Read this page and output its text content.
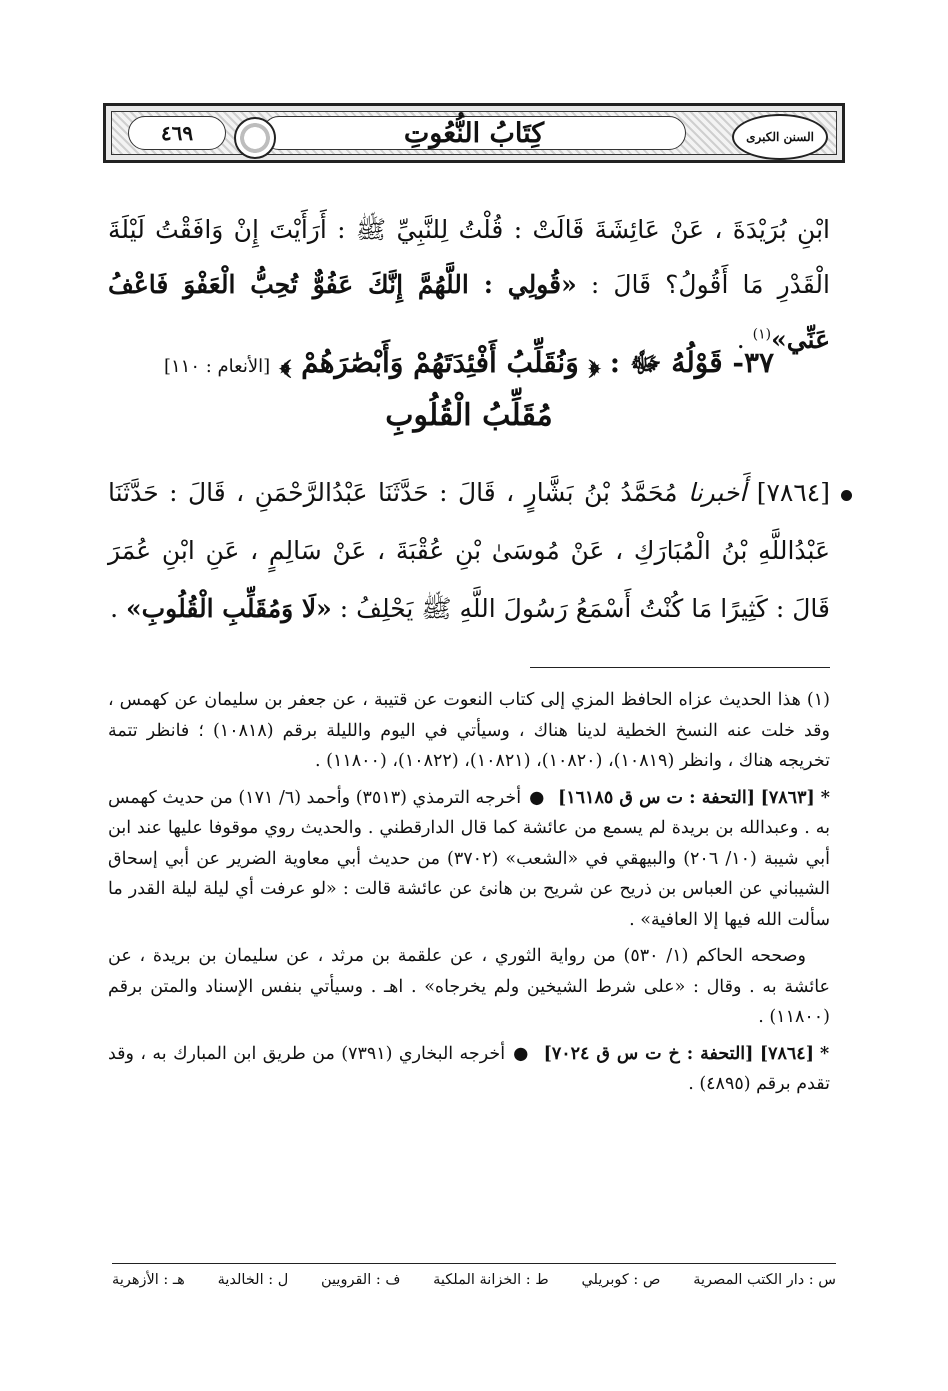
السنن الكبرى
كِتَابُ النُّعُوتِ
٤٦٩
ابْنِ بُرَيْدَةَ ، عَنْ عَائِشَةَ قَالَتْ : قُلْتُ لِلنَّبِيِّ ﷺ : أَرَأَيْتَ إِنْ وَافَقْتُ لَيْلَةَ الْقَدْرِ مَا أَقُولُ؟ قَالَ : «قُولِي : اللَّهُمَّ إِنَّكَ عَفُوٌّ تُحِبُّ الْعَفْوَ فَاعْفُ عَنِّي»$^{(١)}$ .
٣٧- قَوْلُهُ ﷻ : ﴿ وَنُقَلِّبُ أَفْئِدَتَهُمْ وَأَبْصَٰرَهُمْ ﴾ [الأنعام : ١١٠]
مُقَلِّبُ الْقُلُوبِ
[٧٨٦٤] أَخبرنا مُحَمَّدُ بْنُ بَشَّارٍ ، قَالَ : حَدَّثَنَا عَبْدُالرَّحْمَنِ ، قَالَ : حَدَّثَنَا عَبْدُاللَّهِ بْنُ الْمُبَارَكِ ، عَنْ مُوسَىٰ بْنِ عُقْبَةَ ، عَنْ سَالِمٍ ، عَنِ ابْنِ عُمَرَ قَالَ : كَثِيرًا مَا كُنْتُ أَسْمَعُ رَسُولَ اللَّهِ ﷺ يَحْلِفُ : «لَا وَمُقَلِّبِ الْقُلُوبِ» .

(١) هذا الحديث عزاه الحافظ المزي إلى كتاب النعوت عن قتيبة ، عن جعفر بن سليمان عن كهمس ، وقد خلت عنه النسخ الخطية لدينا هناك ، وسيأتي في اليوم والليلة برقم (١٠٨١٨) ؛ فانظر تتمة تخريجه هناك ، وانظر (١٠٨١٩)، (١٠٨٢٠)، (١٠٨٢١)، (١٠٨٢٢)، (١١٨٠٠) .

*[٧٨٦٣] [التحفة : ت س ق ١٦١٨٥] ●أخرجه الترمذي (٣٥١٣) وأحمد (٦/ ١٧١) من حديث كهمس به . وعبدالله بن بريدة لم يسمع من عائشة كما قال الدارقطني . والحديث روي موقوفا عليها عند ابن أبي شيبة (١٠/ ٢٠٦) والبيهقي في «الشعب» (٣٧٠٢) من حديث أبي معاوية الضرير عن أبي إسحاق الشيباني عن العباس بن ذريح عن شريح بن هانئ عن عائشة قالت : «لو عرفت أي ليلة ليلة القدر ما سألت الله فيها إلا العافية» .

وصححه الحاكم (١/ ٥٣٠) من رواية الثوري ، عن علقمة بن مرثد ، عن سليمان بن بريدة ، عن عائشة به . وقال : «على شرط الشيخين ولم يخرجاه» . اهـ . وسيأتي بنفس الإسناد والمتن برقم (١١٨٠٠) .

*[٧٨٦٤] [التحفة : خ ت س ق ٧٠٢٤] ●أخرجه البخاري (٧٣٩١) من طريق ابن المبارك به ، وقد تقدم برقم (٤٨٩٥) .

س : دار الكتب المصرية
ص : كوبريلي
ط : الخزانة الملكية
ف : القرويين
ل : الخالدية
هـ : الأزهرية
